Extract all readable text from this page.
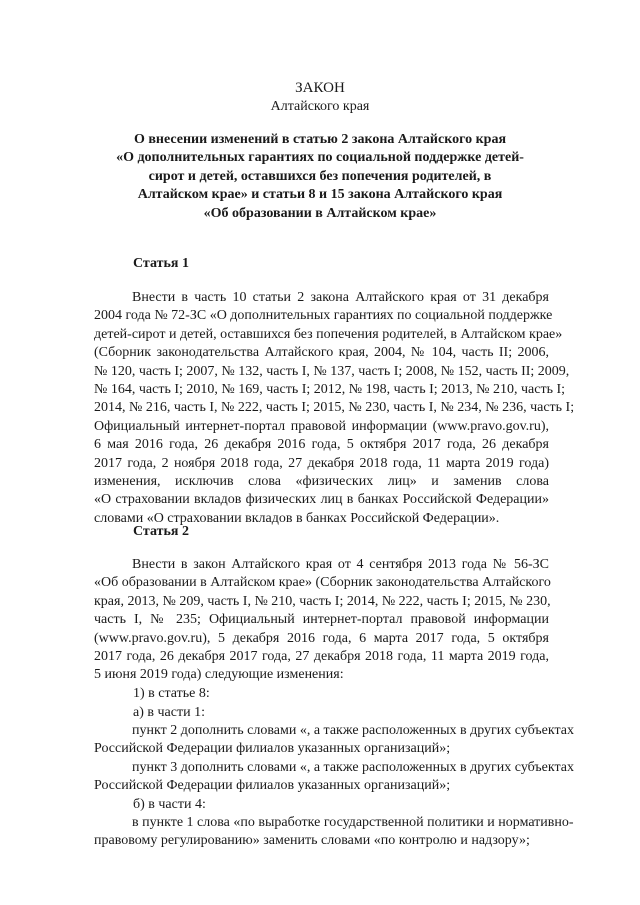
ЗАКОН
Алтайского края
О внесении изменений в статью 2 закона Алтайского края
«О дополнительных гарантиях по социальной поддержке детей-
сирот и детей, оставшихся без попечения родителей, в
Алтайском крае» и статьи 8 и 15 закона Алтайского края
«Об образовании в Алтайском крае»
Статья 1
Внести в часть 10 статьи 2 закона Алтайского края от 31 декабря
2004 года № 72-ЗС «О дополнительных гарантиях по социальной поддержке
детей-сирот и детей, оставшихся без попечения родителей, в Алтайском крае»
(Сборник законодательства Алтайского края, 2004, № 104, часть II; 2006,
№ 120, часть I; 2007, № 132, часть I, № 137, часть I; 2008, № 152, часть II; 2009,
№ 164, часть I; 2010, № 169, часть I; 2012, № 198, часть I; 2013, № 210, часть I;
2014, № 216, часть I, № 222, часть I; 2015, № 230, часть I, № 234, № 236, часть I;
Официальный интернет-портал правовой информации (www.pravo.gov.ru),
6 мая 2016 года, 26 декабря 2016 года, 5 октября 2017 года, 26 декабря
2017 года, 2 ноября 2018 года, 27 декабря 2018 года, 11 марта 2019 года)
изменения, исключив слова «физических лиц» и заменив слова
«О страховании вкладов физических лиц в банках Российской Федерации»
словами «О страховании вкладов в банках Российской Федерации».
Статья 2
Внести в закон Алтайского края от 4 сентября 2013 года № 56-ЗС
«Об образовании в Алтайском крае» (Сборник законодательства Алтайского
края, 2013, № 209, часть I, № 210, часть I; 2014, № 222, часть I; 2015, № 230,
часть I, № 235; Официальный интернет-портал правовой информации
(www.pravo.gov.ru), 5 декабря 2016 года, 6 марта 2017 года, 5 октября
2017 года, 26 декабря 2017 года, 27 декабря 2018 года, 11 марта 2019 года,
5 июня 2019 года) следующие изменения:
1) в статье 8:
а) в части 1:
пункт 2 дополнить словами «, а также расположенных в других субъектах
Российской Федерации филиалов указанных организаций»;
пункт 3 дополнить словами «, а также расположенных в других субъектах
Российской Федерации филиалов указанных организаций»;
б) в части 4:
в пункте 1 слова «по выработке государственной политики и нормативно-
правовому регулированию» заменить словами «по контролю и надзору»;
